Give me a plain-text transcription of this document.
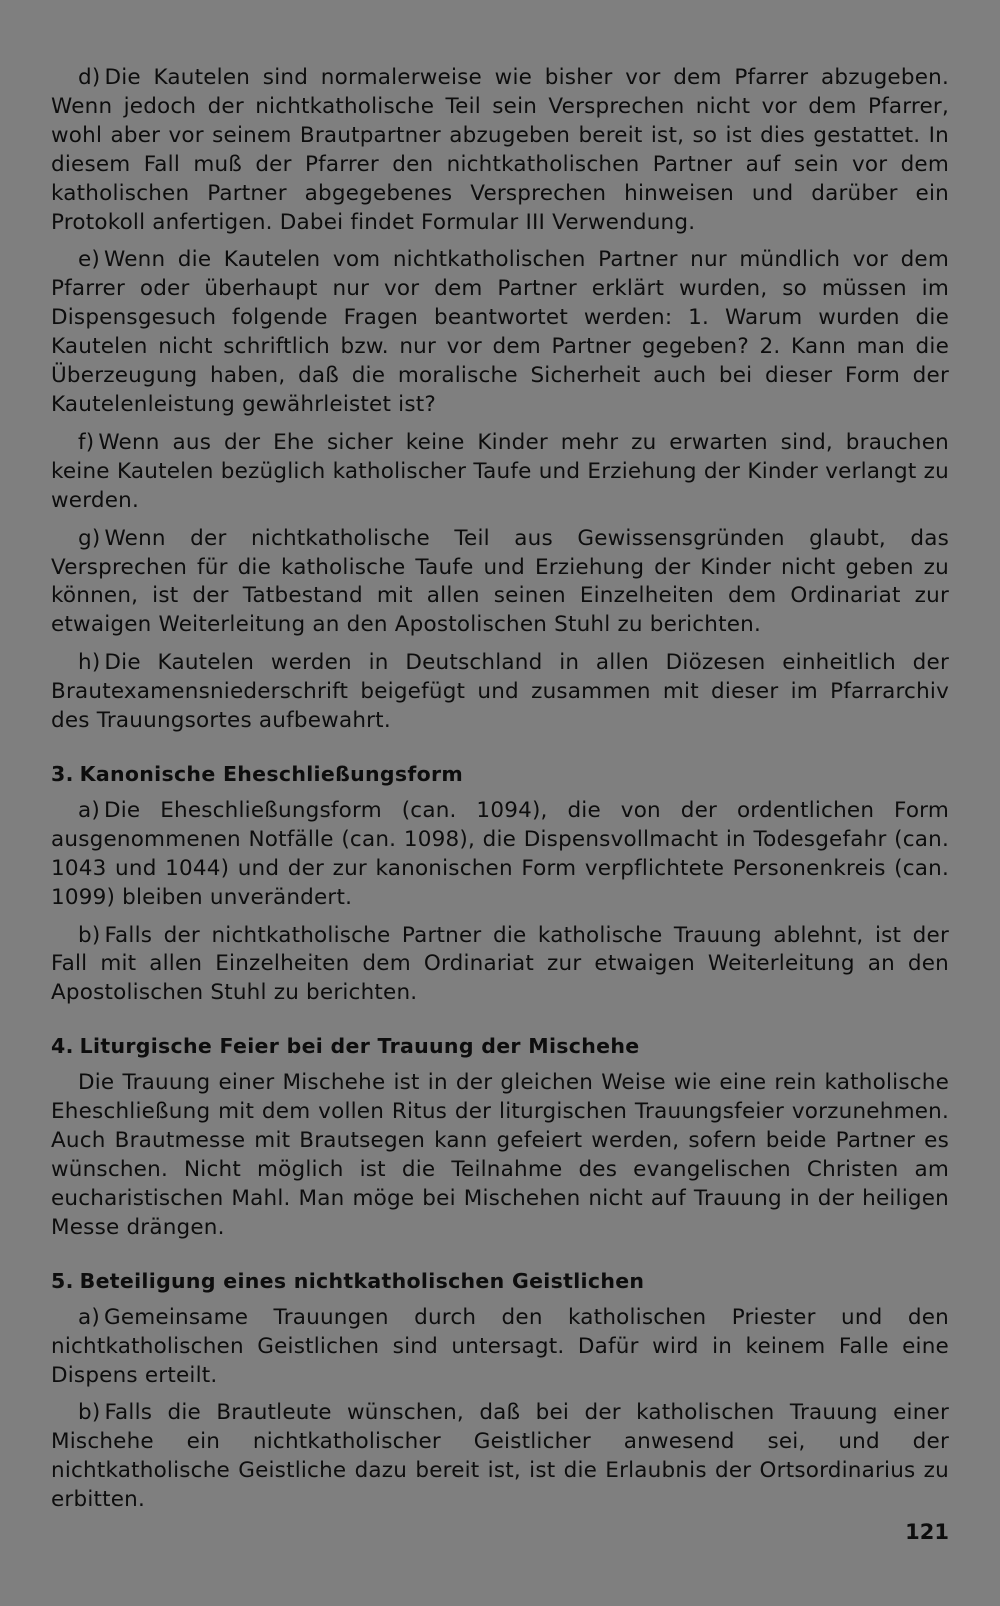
d) Die Kautelen sind normalerweise wie bisher vor dem Pfarrer abzugeben. Wenn jedoch der nichtkatholische Teil sein Versprechen nicht vor dem Pfarrer, wohl aber vor seinem Brautpartner abzugeben bereit ist, so ist dies gestattet. In diesem Fall muß der Pfarrer den nichtkatholischen Partner auf sein vor dem katholischen Partner abgegebenes Versprechen hinweisen und darüber ein Protokoll anfertigen. Dabei findet Formular III Verwendung.

e) Wenn die Kautelen vom nichtkatholischen Partner nur mündlich vor dem Pfarrer oder überhaupt nur vor dem Partner erklärt wurden, so müssen im Dispensgesuch folgende Fragen beantwortet werden: 1. Warum wurden die Kautelen nicht schriftlich bzw. nur vor dem Partner gegeben? 2. Kann man die Überzeugung haben, daß die moralische Sicherheit auch bei dieser Form der Kautelenleistung gewährleistet ist?

f) Wenn aus der Ehe sicher keine Kinder mehr zu erwarten sind, brauchen keine Kautelen bezüglich katholischer Taufe und Erziehung der Kinder verlangt zu werden.

g) Wenn der nichtkatholische Teil aus Gewissensgründen glaubt, das Versprechen für die katholische Taufe und Erziehung der Kinder nicht geben zu können, ist der Tatbestand mit allen seinen Einzelheiten dem Ordinariat zur etwaigen Weiterleitung an den Apostolischen Stuhl zu berichten.

h) Die Kautelen werden in Deutschland in allen Diözesen einheitlich der Brautexamensniederschrift beigefügt und zusammen mit dieser im Pfarrarchiv des Trauungsortes aufbewahrt.

3. Kanonische Eheschließungsform

a) Die Eheschließungsform (can. 1094), die von der ordentlichen Form ausgenommenen Notfälle (can. 1098), die Dispensvollmacht in Todesgefahr (can. 1043 und 1044) und der zur kanonischen Form verpflichtete Personenkreis (can. 1099) bleiben unverändert.

b) Falls der nichtkatholische Partner die katholische Trauung ablehnt, ist der Fall mit allen Einzelheiten dem Ordinariat zur etwaigen Weiterleitung an den Apostolischen Stuhl zu berichten.

4. Liturgische Feier bei der Trauung der Mischehe

Die Trauung einer Mischehe ist in der gleichen Weise wie eine rein katholische Eheschließung mit dem vollen Ritus der liturgischen Trauungsfeier vorzunehmen. Auch Brautmesse mit Brautsegen kann gefeiert werden, sofern beide Partner es wünschen. Nicht möglich ist die Teilnahme des evangelischen Christen am eucharistischen Mahl. Man möge bei Mischehen nicht auf Trauung in der heiligen Messe drängen.

5. Beteiligung eines nichtkatholischen Geistlichen

a) Gemeinsame Trauungen durch den katholischen Priester und den nichtkatholischen Geistlichen sind untersagt. Dafür wird in keinem Falle eine Dispens erteilt.

b) Falls die Brautleute wünschen, daß bei der katholischen Trauung einer Mischehe ein nichtkatholischer Geistlicher anwesend sei, und der nichtkatholische Geistliche dazu bereit ist, ist die Erlaubnis der Ortsordinarius zu erbitten.

121
